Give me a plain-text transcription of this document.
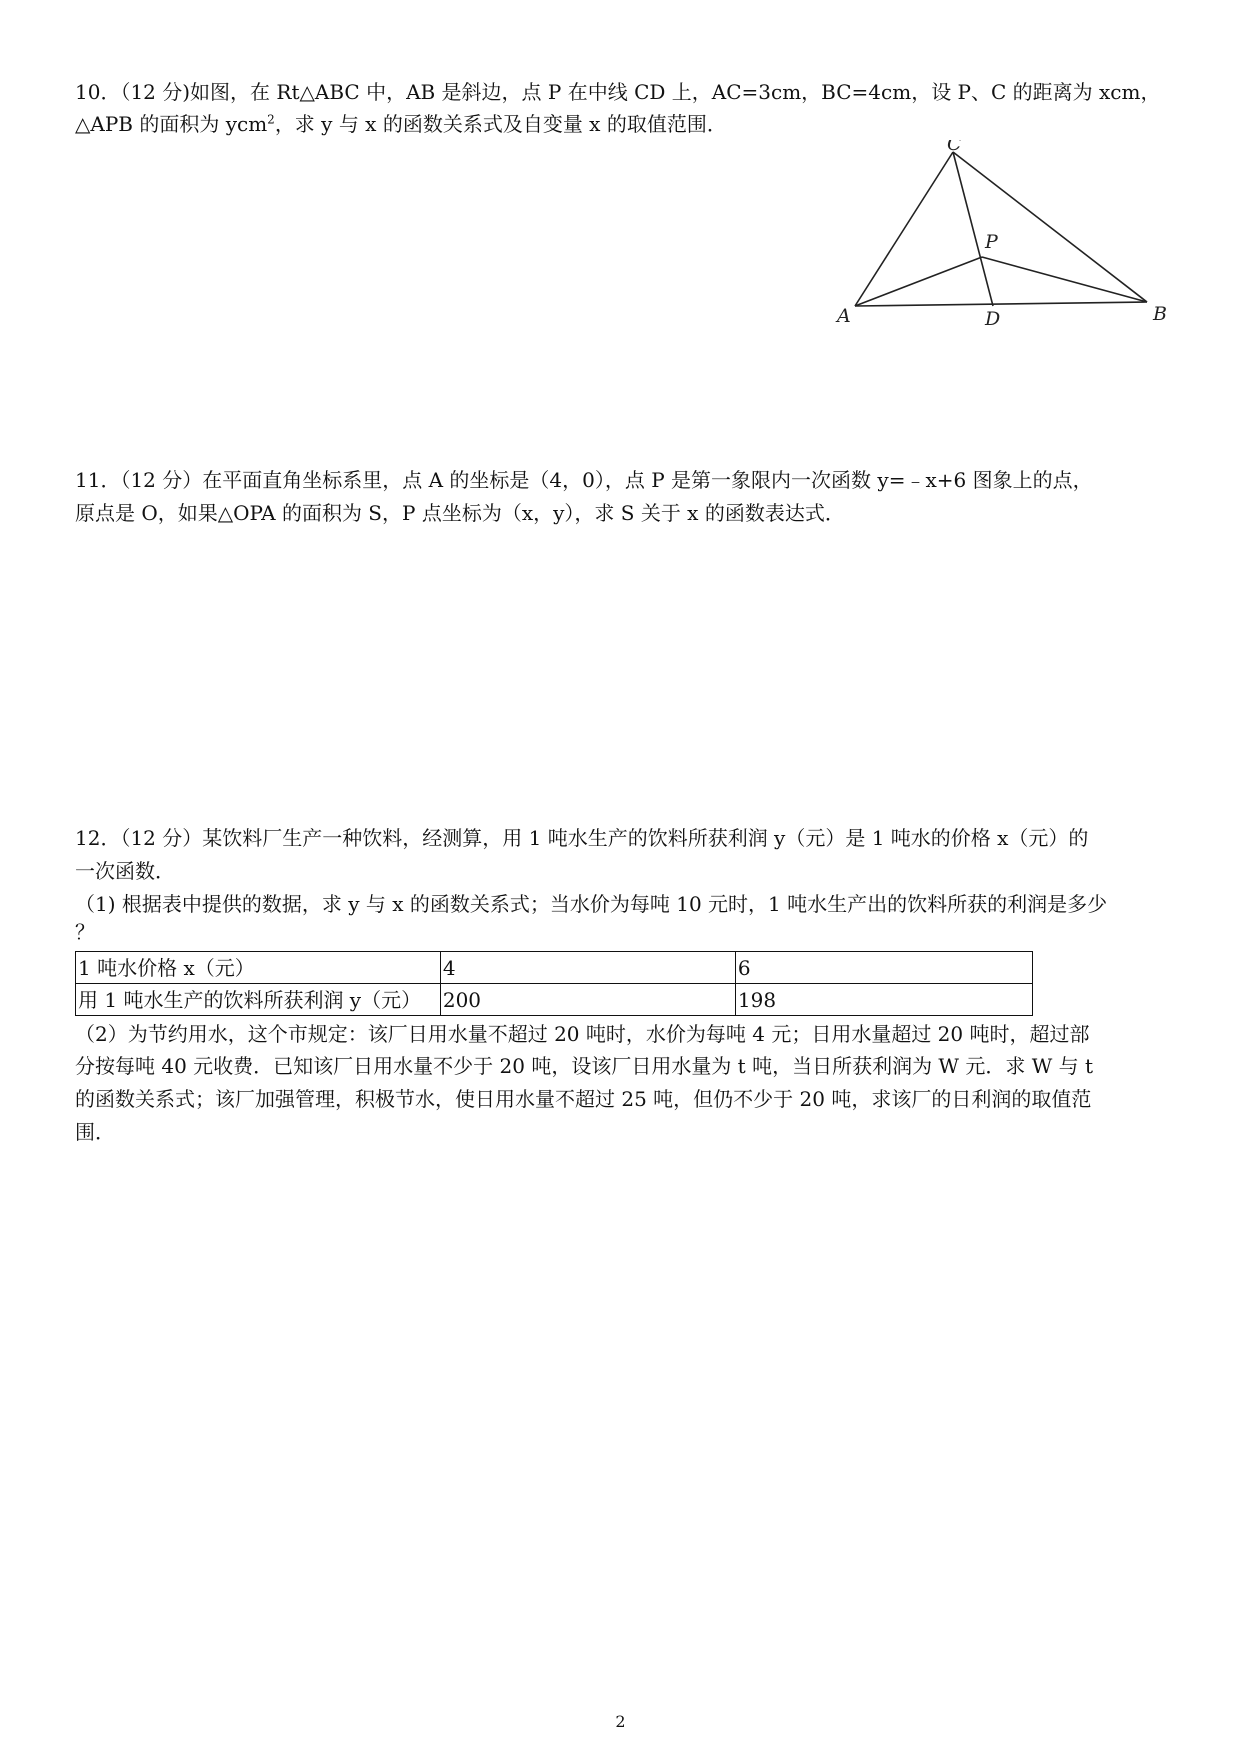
10．（12 分)如图，在 Rt△ABC 中，AB 是斜边，点 P 在中线 CD 上，AC=3cm，BC=4cm，设 P、C 的距离为 xcm，

△APB 的面积为 ycm$^2$，求 y 与 x 的函数关系式及自变量 x 的取值范围．

C
P
A	D	B

11．（12 分）在平面直角坐标系里，点 A 的坐标是（4，0），点 P 是第一象限内一次函数 y=﹣x+6 图象上的点，

原点是 O，如果△OPA 的面积为 S，P 点坐标为（x，y），求 S 关于 x 的函数表达式．

12．（12 分）某饮料厂生产一种饮料，经测算，用 1 吨水生产的饮料所获利润 y（元）是 1 吨水的价格 x（元）的

一次函数．

（1) 根据表中提供的数据，求 y 与 x 的函数关系式；当水价为每吨 10 元时，1 吨水生产出的饮料所获的利润是多少

？

1 吨水价格 x（元）	4	6
用 1 吨水生产的饮料所获利润 y（元）	200	198

（2）为节约用水，这个市规定：该厂日用水量不超过 20 吨时，水价为每吨 4 元；日用水量超过 20 吨时，超过部

分按每吨 40 元收费．已知该厂日用水量不少于 20 吨，设该厂日用水量为 t 吨，当日所获利润为 W 元．求 W 与 t

的函数关系式；该厂加强管理，积极节水，使日用水量不超过 25 吨，但仍不少于 20 吨，求该厂的日利润的取值范

围．

2
